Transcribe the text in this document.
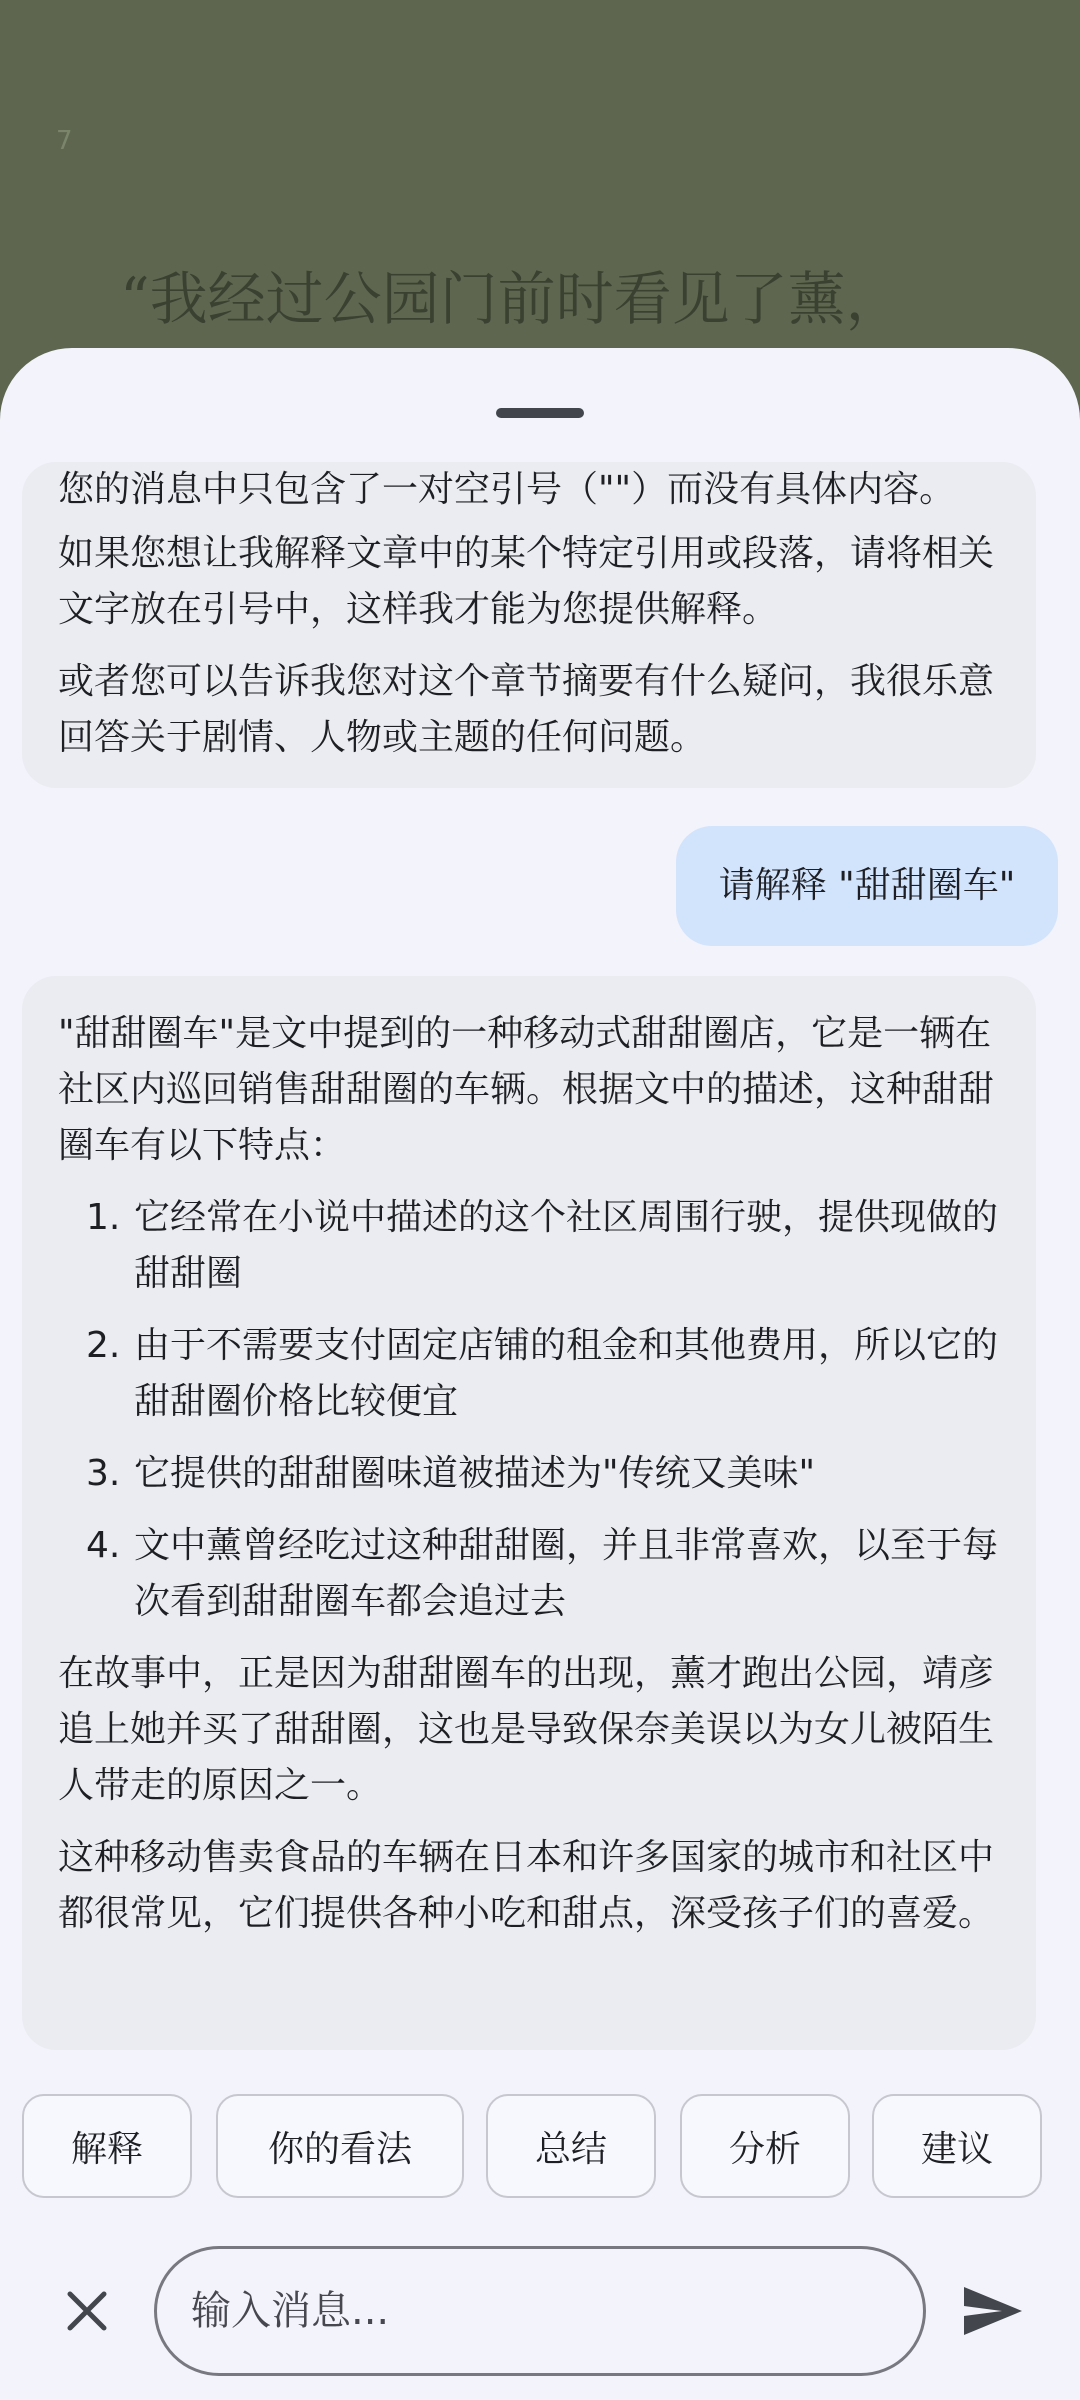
7
“我经过公园门前时看见了薰，

您的消息中只包含了一对空引号（""）而没有具体内容。

如果您想让我解释文章中的某个特定引用或段落，请将相关文字放在引号中，这样我才能为您提供解释。

或者您可以告诉我您对这个章节摘要有什么疑问，我很乐意回答关于剧情、人物或主题的任何问题。

请解释 "甜甜圈车"

"甜甜圈车"是文中提到的一种移动式甜甜圈店，它是一辆在社区内巡回销售甜甜圈的车辆。根据文中的描述，这种甜甜圈车有以下特点：

1. 它经常在小说中描述的这个社区周围行驶，提供现做的甜甜圈
2. 由于不需要支付固定店铺的租金和其他费用，所以它的甜甜圈价格比较便宜
3. 它提供的甜甜圈味道被描述为"传统又美味"
4. 文中薰曾经吃过这种甜甜圈，并且非常喜欢，以至于每次看到甜甜圈车都会追过去

在故事中，正是因为甜甜圈车的出现，薰才跑出公园，靖彦追上她并买了甜甜圈，这也是导致保奈美误以为女儿被陌生人带走的原因之一。

这种移动售卖食品的车辆在日本和许多国家的城市和社区中都很常见，它们提供各种小吃和甜点，深受孩子们的喜爱。

解释	你的看法	总结	分析	建议
输入消息...
